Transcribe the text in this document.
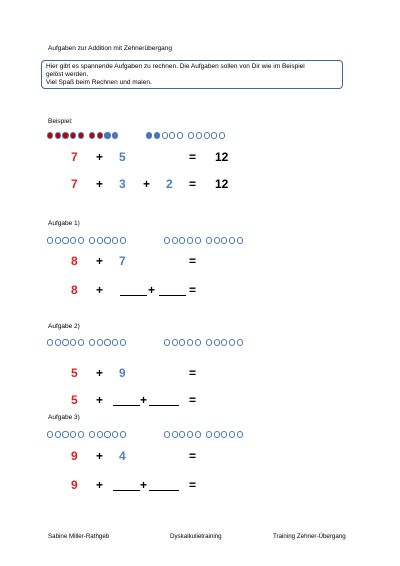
Aufgaben zur Addition mit Zehnerübergang
Hier gibt es spannende Aufgaben zu rechnen. Die Aufgaben sollen von Dir wie im Beispiel
gelöst werden.
Viel Spaß beim Rechnen und malen.
Beispiel:
7 + 5	= 12
7 + 3 + 2 = 12
Aufgabe 1)
8 + 7	=
8 +	+	=
Aufgabe 2)
5 + 9	=
5 +	+	=
Aufgabe 3)
9 + 4	=
9 +	+	=
Sabine Miller-Rathgeb	Dyskalkulietraining	Training Zehner-Übergang
